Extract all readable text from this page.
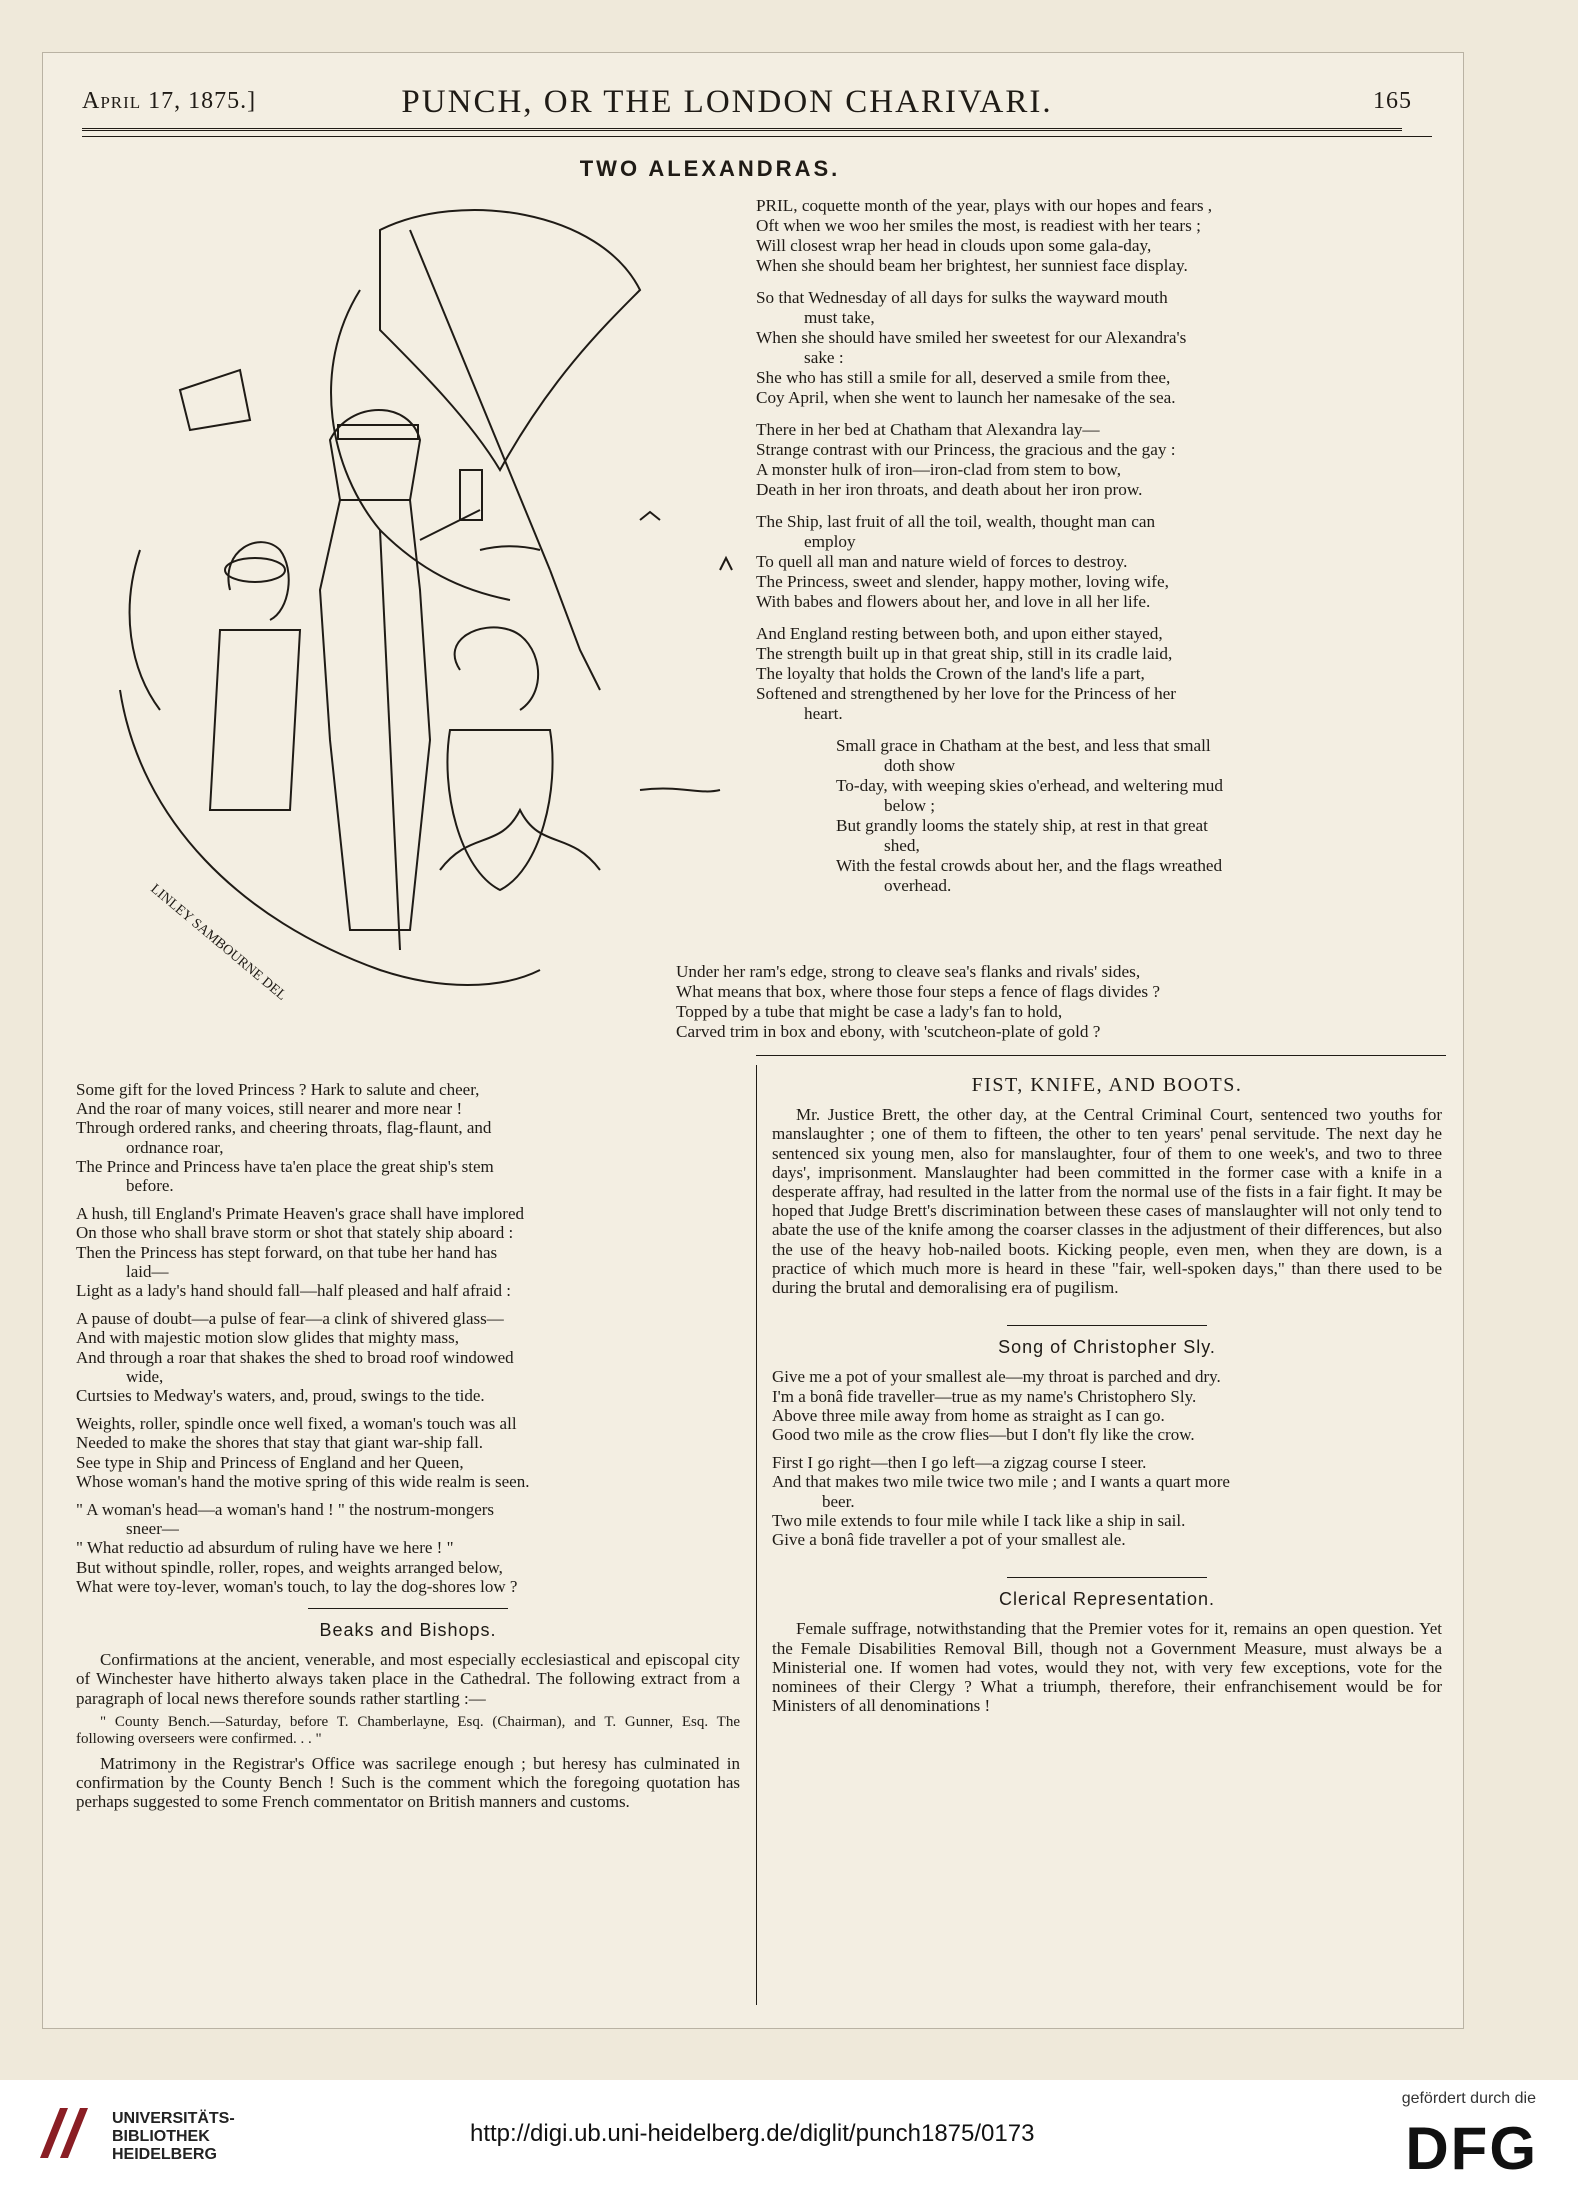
April 17, 1875.]	PUNCH, OR THE LONDON CHARIVARI.	165
TWO ALEXANDRAS.
LINLEY SAMBOURNE DEL

PRIL, coquette month of the year, plays with our hopes and fears ,

Oft when we woo her smiles the most, is readiest with her tears ;

Will closest wrap her head in clouds upon some gala-day,

When she should beam her brightest, her sunniest face display.

So that Wednesday of all days for sulks the wayward mouth

must take,

When she should have smiled her sweetest for our Alexandra's

sake :

She who has still a smile for all, deserved a smile from thee,

Coy April, when she went to launch her namesake of the sea.

There in her bed at Chatham that Alexandra lay—

Strange contrast with our Princess, the gracious and the gay :

A monster hulk of iron—iron-clad from stem to bow,

Death in her iron throats, and death about her iron prow.

The Ship, last fruit of all the toil, wealth, thought man can

employ

To quell all man and nature wield of forces to destroy.

The Princess, sweet and slender, happy mother, loving wife,

With babes and flowers about her, and love in all her life.

And England resting between both, and upon either stayed,

The strength built up in that great ship, still in its cradle laid,

The loyalty that holds the Crown of the land's life a part,

Softened and strengthened by her love for the Princess of her

heart.

Small grace in Chatham at the best, and less that small

doth show

To-day, with weeping skies o'erhead, and weltering mud

below ;

But grandly looms the stately ship, at rest in that great

shed,

With the festal crowds about her, and the flags wreathed

overhead.

Under her ram's edge, strong to cleave sea's flanks and rivals' sides,

What means that box, where those four steps a fence of flags divides ?

Topped by a tube that might be case a lady's fan to hold,

Carved trim in box and ebony, with 'scutcheon-plate of gold ?

Some gift for the loved Princess ? Hark to salute and cheer,

And the roar of many voices, still nearer and more near !

Through ordered ranks, and cheering throats, flag-flaunt, and

ordnance roar,

The Prince and Princess have ta'en place the great ship's stem

before.

A hush, till England's Primate Heaven's grace shall have implored

On those who shall brave storm or shot that stately ship aboard :

Then the Princess has stept forward, on that tube her hand has

laid—

Light as a lady's hand should fall—half pleased and half afraid :

A pause of doubt—a pulse of fear—a clink of shivered glass—

And with majestic motion slow glides that mighty mass,

And through a roar that shakes the shed to broad roof windowed

wide,

Curtsies to Medway's waters, and, proud, swings to the tide.

Weights, roller, spindle once well fixed, a woman's touch was all

Needed to make the shores that stay that giant war-ship fall.

See type in Ship and Princess of England and her Queen,

Whose woman's hand the motive spring of this wide realm is seen.

" A woman's head—a woman's hand ! " the nostrum-mongers

sneer—

" What reductio ad absurdum of ruling have we here ! "

But without spindle, roller, ropes, and weights arranged below,

What were toy-lever, woman's touch, to lay the dog-shores low ?

Beaks and Bishops.

Confirmations at the ancient, venerable, and most especially ecclesiastical and episcopal city of Winchester have hitherto always taken place in the Cathedral. The following extract from a paragraph of local news therefore sounds rather startling :—

" County Bench.—Saturday, before T. Chamberlayne, Esq. (Chairman), and T. Gunner, Esq. The following overseers were confirmed. . . "

Matrimony in the Registrar's Office was sacrilege enough ; but heresy has culminated in confirmation by the County Bench ! Such is the comment which the foregoing quotation has perhaps suggested to some French commentator on British manners and customs.

FIST, KNIFE, AND BOOTS.

Mr. Justice Brett, the other day, at the Central Criminal Court, sentenced two youths for manslaughter ; one of them to fifteen, the other to ten years' penal servitude. The next day he sentenced six young men, also for manslaughter, four of them to one week's, and two to three days', imprisonment. Manslaughter had been committed in the former case with a knife in a desperate affray, had resulted in the latter from the normal use of the fists in a fair fight. It may be hoped that Judge Brett's discrimination between these cases of manslaughter will not only tend to abate the use of the knife among the coarser classes in the adjustment of their differences, but also the use of the heavy hob-nailed boots. Kicking people, even men, when they are down, is a practice of which much more is heard in these "fair, well-spoken days," than there used to be during the brutal and demoralising era of pugilism.

Song of Christopher Sly.

Give me a pot of your smallest ale—my throat is parched and dry.

I'm a bonâ fide traveller—true as my name's Christophero Sly.

Above three mile away from home as straight as I can go.

Good two mile as the crow flies—but I don't fly like the crow.

First I go right—then I go left—a zigzag course I steer.

And that makes two mile twice two mile ; and I wants a quart more

beer.

Two mile extends to four mile while I tack like a ship in sail.

Give a bonâ fide traveller a pot of your smallest ale.

Clerical Representation.

Female suffrage, notwithstanding that the Premier votes for it, remains an open question. Yet the Female Disabilities Removal Bill, though not a Government Measure, must always be a Ministerial one. If women had votes, would they not, with very few exceptions, vote for the nominees of their Clergy ? What a triumph, therefore, their enfranchisement would be for Ministers of all denominations !

UNIVERSITÄTS-
BIBLIOTHEK
HEIDELBERG
http://digi.ub.uni-heidelberg.de/diglit/punch1875/0173
gefördert durch die
DFG
